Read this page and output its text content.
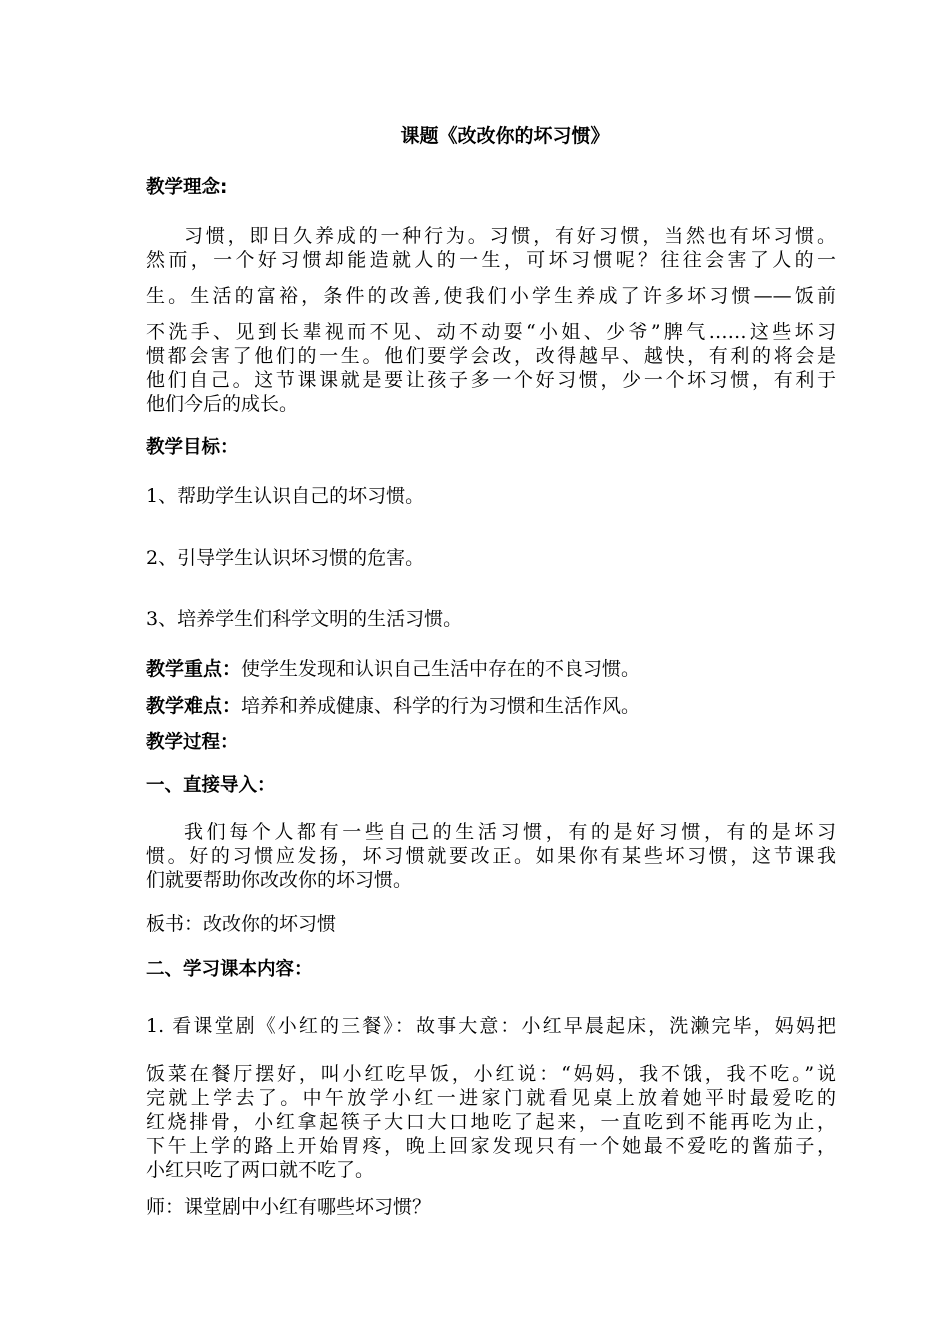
课题《改改你的坏习惯》
教学理念:
习惯，即日久养成的一种行为。习惯，有好习惯，当然也有坏习惯。
然而，一个好习惯却能造就人的一生，可坏习惯呢？往往会害了人的一
生。生活的富裕，条件的改善,使我们小学生养成了许多坏习惯——饭前
不洗手、见到长辈视而不见、动不动耍“小姐、少爷”脾气……这些坏习
惯都会害了他们的一生。他们要学会改，改得越早、越快，有利的将会是
他们自己。这节课课就是要让孩子多一个好习惯，少一个坏习惯，有利于
他们今后的成长。
教学目标：
1、帮助学生认识自己的坏习惯。
2、引导学生认识坏习惯的危害。
3、培养学生们科学文明的生活习惯。
教学重点：使学生发现和认识自己生活中存在的不良习惯。
教学难点：培养和养成健康、科学的行为习惯和生活作风。
教学过程：
一、直接导入：
我们每个人都有一些自己的生活习惯，有的是好习惯，有的是坏习
惯。好的习惯应发扬，坏习惯就要改正。如果你有某些坏习惯，这节课我
们就要帮助你改改你的坏习惯。
板书：改改你的坏习惯
二、学习课本内容：
1. 看课堂剧《小红的三餐》：故事大意：小红早晨起床，洗濑完毕，妈妈把
饭菜在餐厅摆好，叫小红吃早饭，小红说：“妈妈，我不饿，我不吃。”说
完就上学去了。中午放学小红一进家门就看见桌上放着她平时最爱吃的
红烧排骨，小红拿起筷子大口大口地吃了起来，一直吃到不能再吃为止，
下午上学的路上开始胃疼，晚上回家发现只有一个她最不爱吃的酱茄子，
小红只吃了两口就不吃了。
师：课堂剧中小红有哪些坏习惯？
